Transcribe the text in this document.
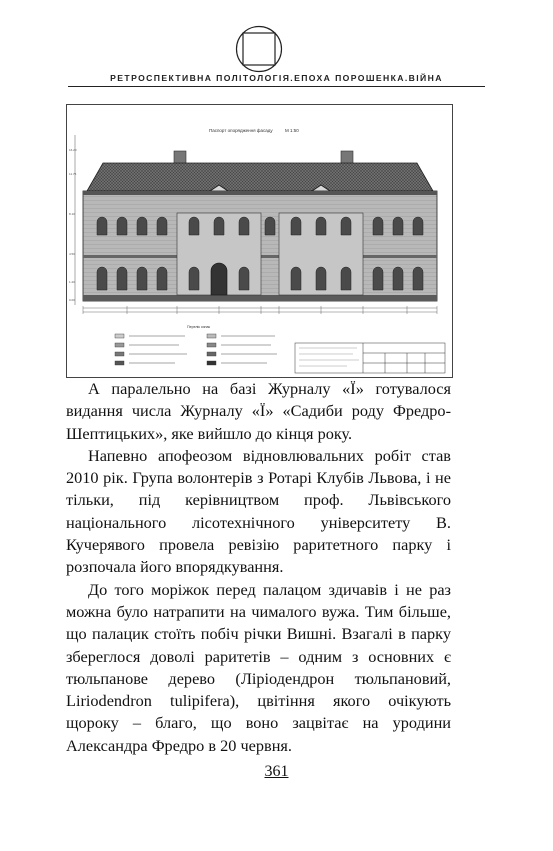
РЕТРОСПЕКТИВНА ПОЛІТОЛОГІЯ.ЕПОХА ПОРОШЕНКА.ВІЙНА
Паспорт опорядження фасаду	М 1:50
16.20
11.75
8.10
4.50
1.20
0.00
Перелік ознак

А паралельно на базі Журналу «Ї» готувалося видання числа Журналу «Ї» «Садиби роду Фредро-Шептицьких», яке вийшло до кінця року.

Напевно апофеозом відновлювальних робіт став 2010 рік. Група волонтерів з Ротарі Клубів Львова, і не тільки, під керівництвом проф. Львівського національного лісотехнічного університету В. Кучерявого провела ревізію раритетного парку і розпочала його впорядкування.

До того моріжок перед палацом здичавів і не раз можна було натрапити на чималого вужа. Тим більше, що палацик стоїть побіч річки Вишні. Взагалі в парку збереглося доволі раритетів – одним з основних є тюльпанове дерево (Ліріодендрон тюльпановий, Liriodendron tulipifera), цвітіння якого очікують щороку – благо, що воно зацвітає на уродини Александра Фредро в 20 червня.

361
